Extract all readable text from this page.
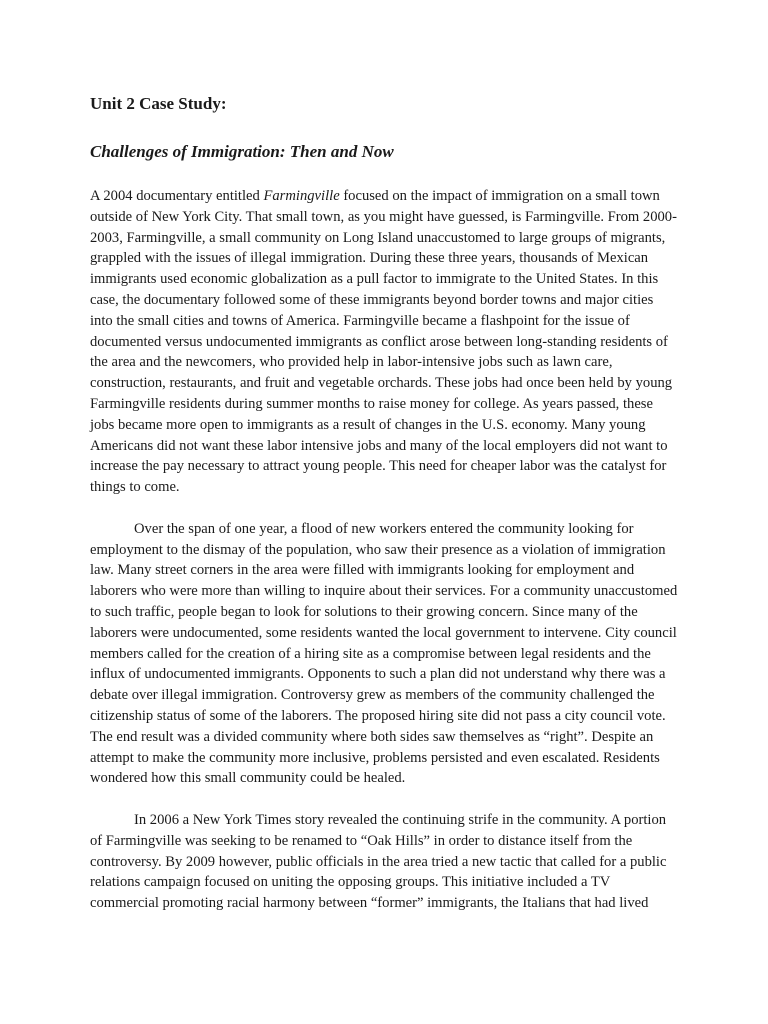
Unit 2 Case Study:
Challenges of Immigration: Then and Now

A 2004 documentary entitled Farmingville focused on the impact of immigration on a small town outside of New York City. That small town, as you might have guessed, is Farmingville. From 2000-2003, Farmingville, a small community on Long Island unaccustomed to large groups of migrants, grappled with the issues of illegal immigration. During these three years, thousands of Mexican immigrants used economic globalization as a pull factor to immigrate to the United States. In this case, the documentary followed some of these immigrants beyond border towns and major cities into the small cities and towns of America. Farmingville became a flashpoint for the issue of documented versus undocumented immigrants as conflict arose between long-standing residents of the area and the newcomers, who provided help in labor-intensive jobs such as lawn care, construction, restaurants, and fruit and vegetable orchards. These jobs had once been held by young Farmingville residents during summer months to raise money for college. As years passed, these jobs became more open to immigrants as a result of changes in the U.S. economy. Many young Americans did not want these labor intensive jobs and many of the local employers did not want to increase the pay necessary to attract young people. This need for cheaper labor was the catalyst for things to come.

Over the span of one year, a flood of new workers entered the community looking for employment to the dismay of the population, who saw their presence as a violation of immigration law. Many street corners in the area were filled with immigrants looking for employment and laborers who were more than willing to inquire about their services. For a community unaccustomed to such traffic, people began to look for solutions to their growing concern. Since many of the laborers were undocumented, some residents wanted the local government to intervene. City council members called for the creation of a hiring site as a compromise between legal residents and the influx of undocumented immigrants. Opponents to such a plan did not understand why there was a debate over illegal immigration. Controversy grew as members of the community challenged the citizenship status of some of the laborers. The proposed hiring site did not pass a city council vote. The end result was a divided community where both sides saw themselves as “right”. Despite an attempt to make the community more inclusive, problems persisted and even escalated. Residents wondered how this small community could be healed.

In 2006 a New York Times story revealed the continuing strife in the community. A portion of Farmingville was seeking to be renamed to “Oak Hills” in order to distance itself from the controversy. By 2009 however, public officials in the area tried a new tactic that called for a public relations campaign focused on uniting the opposing groups. This initiative included a TV commercial promoting racial harmony between “former” immigrants, the Italians that had lived
